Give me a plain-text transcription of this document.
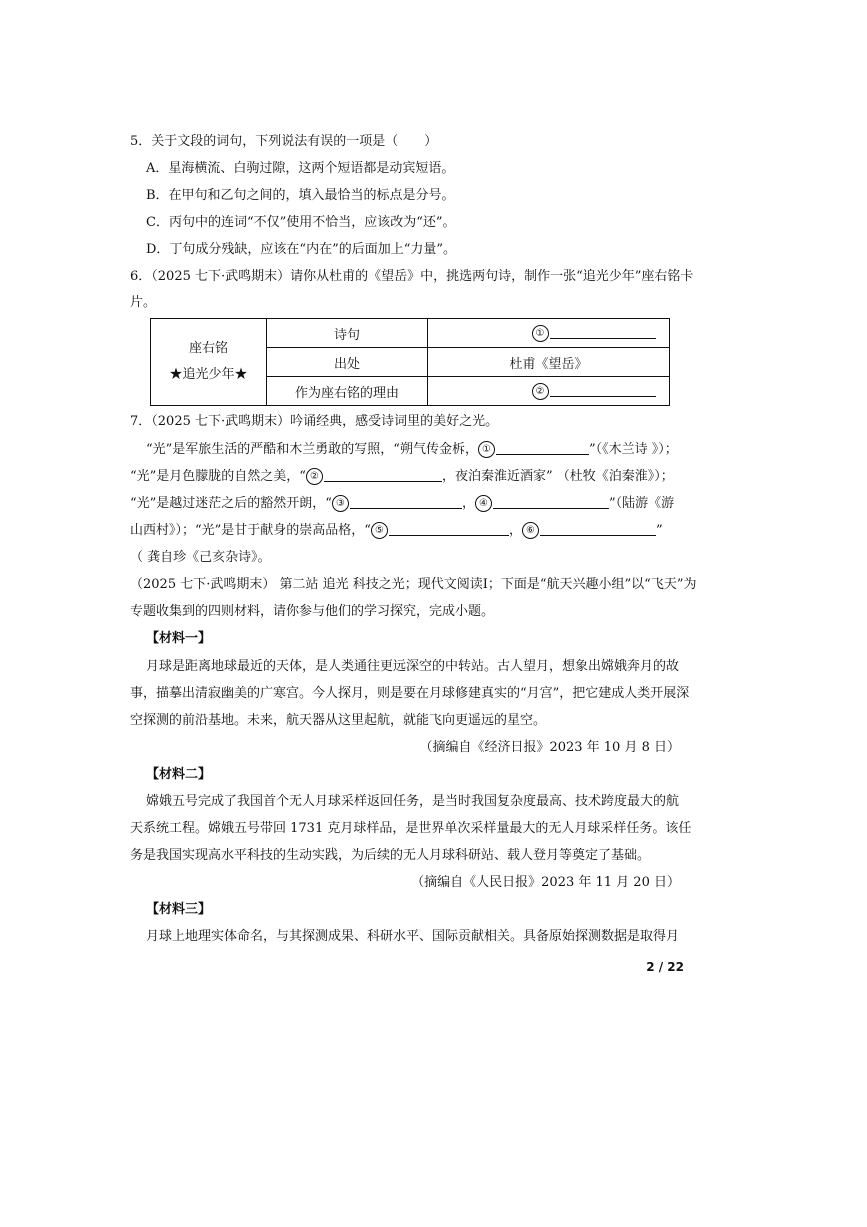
5．关于文段的词句，下列说法有误的一项是（　　）
A．星海横流、白驹过隙，这两个短语都是动宾短语。
B．在甲句和乙句之间的，填入最恰当的标点是分号。
C．丙句中的连词“不仅”使用不恰当，应该改为“还”。
D．丁句成分残缺，应该在“内在”的后面加上“力量”。
6．（2025 七下·武鸣期末）请你从杜甫的《望岳》中，挑选两句诗，制作一张“追光少年”座右铭卡
片。
座右铭
★追光少年★	诗句	①
	出处	杜甫《望岳》
	作为座右铭的理由	②
7．（2025 七下·武鸣期末）吟诵经典，感受诗词里的美好之光。
“光”是军旅生活的严酷和木兰勇敢的写照，“朔气传金柝， ①	”（《木兰诗 》）；
“光”是月色朦胧的自然之美，“ ②	，夜泊秦淮近酒家” （杜牧《泊秦淮》）；
“光”是越过迷茫之后的豁然开朗，“ ③	， ④	”（陆游《游
山西村》）；“光”是甘于献身的崇高品格，“ ⑤	， ⑥	”
（ 龚自珍《己亥杂诗》。
（2025 七下·武鸣期末） 第二站 追光 科技之光；现代文阅读Ⅰ；下面是“航天兴趣小组”以“飞天”为
专题收集到的四则材料，请你参与他们的学习探究，完成小题。
【材料一】
月球是距离地球最近的天体，是人类通往更远深空的中转站。古人望月，想象出嫦娥奔月的故
事，描摹出清寂幽美的广寒宫。今人探月，则是要在月球修建真实的“月宫”，把它建成人类开展深
空探测的前沿基地。未来，航天器从这里起航，就能飞向更遥远的星空。
（摘编自《经济日报》2023 年 10 月 8 日）
【材料二】
嫦娥五号完成了我国首个无人月球采样返回任务，是当时我国复杂度最高、技术跨度最大的航
天系统工程。嫦娥五号带回 1731 克月球样品，是世界单次采样量最大的无人月球采样任务。该任
务是我国实现高水平科技的生动实践，为后续的无人月球科研站、载人登月等奠定了基础。
（摘编自《人民日报》2023 年 11 月 20 日）
【材料三】
月球上地理实体命名，与其探测成果、科研水平、国际贡献相关。具备原始探测数据是取得月
2 / 22
